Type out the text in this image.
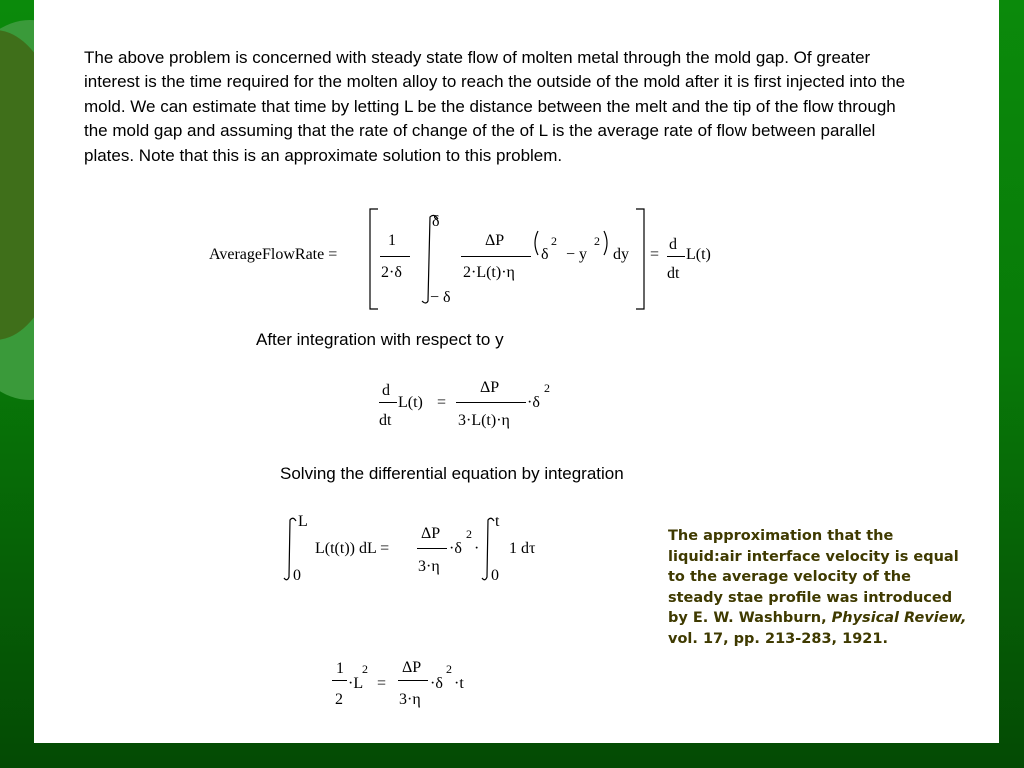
The above problem is concerned with steady state flow of molten metal through the mold gap. Of greater interest is the time required for the molten alloy to reach the outside of the mold after it is first injected into the mold. We can estimate that time by letting L be the distance between the melt and the tip of the flow through the mold gap and assuming that the rate of change of the of L is the average rate of flow between parallel plates. Note that this is an approximate solution to this problem.
AverageFlowRate =
1
2·δ
δ
− δ
ΔP
2·L(t)·η
δ
2
− y
2
dy =
d
dt
L(t)
After integration with respect to y
d
dt
L(t) =
ΔP
3·L(t)·η
·δ
2
Solving the differential equation by integration
L
0
L(t(t)) dL =
ΔP
3·η
·δ
2
·
t
0
1 dτ
1
2
·L
2
=
ΔP
3·η
·δ
2
·t
The approximation that the liquid:air interface velocity is equal to the average velocity of the steady stae profile was introduced by E. W. Washburn, Physical Review, vol. 17, pp. 213-283, 1921.
